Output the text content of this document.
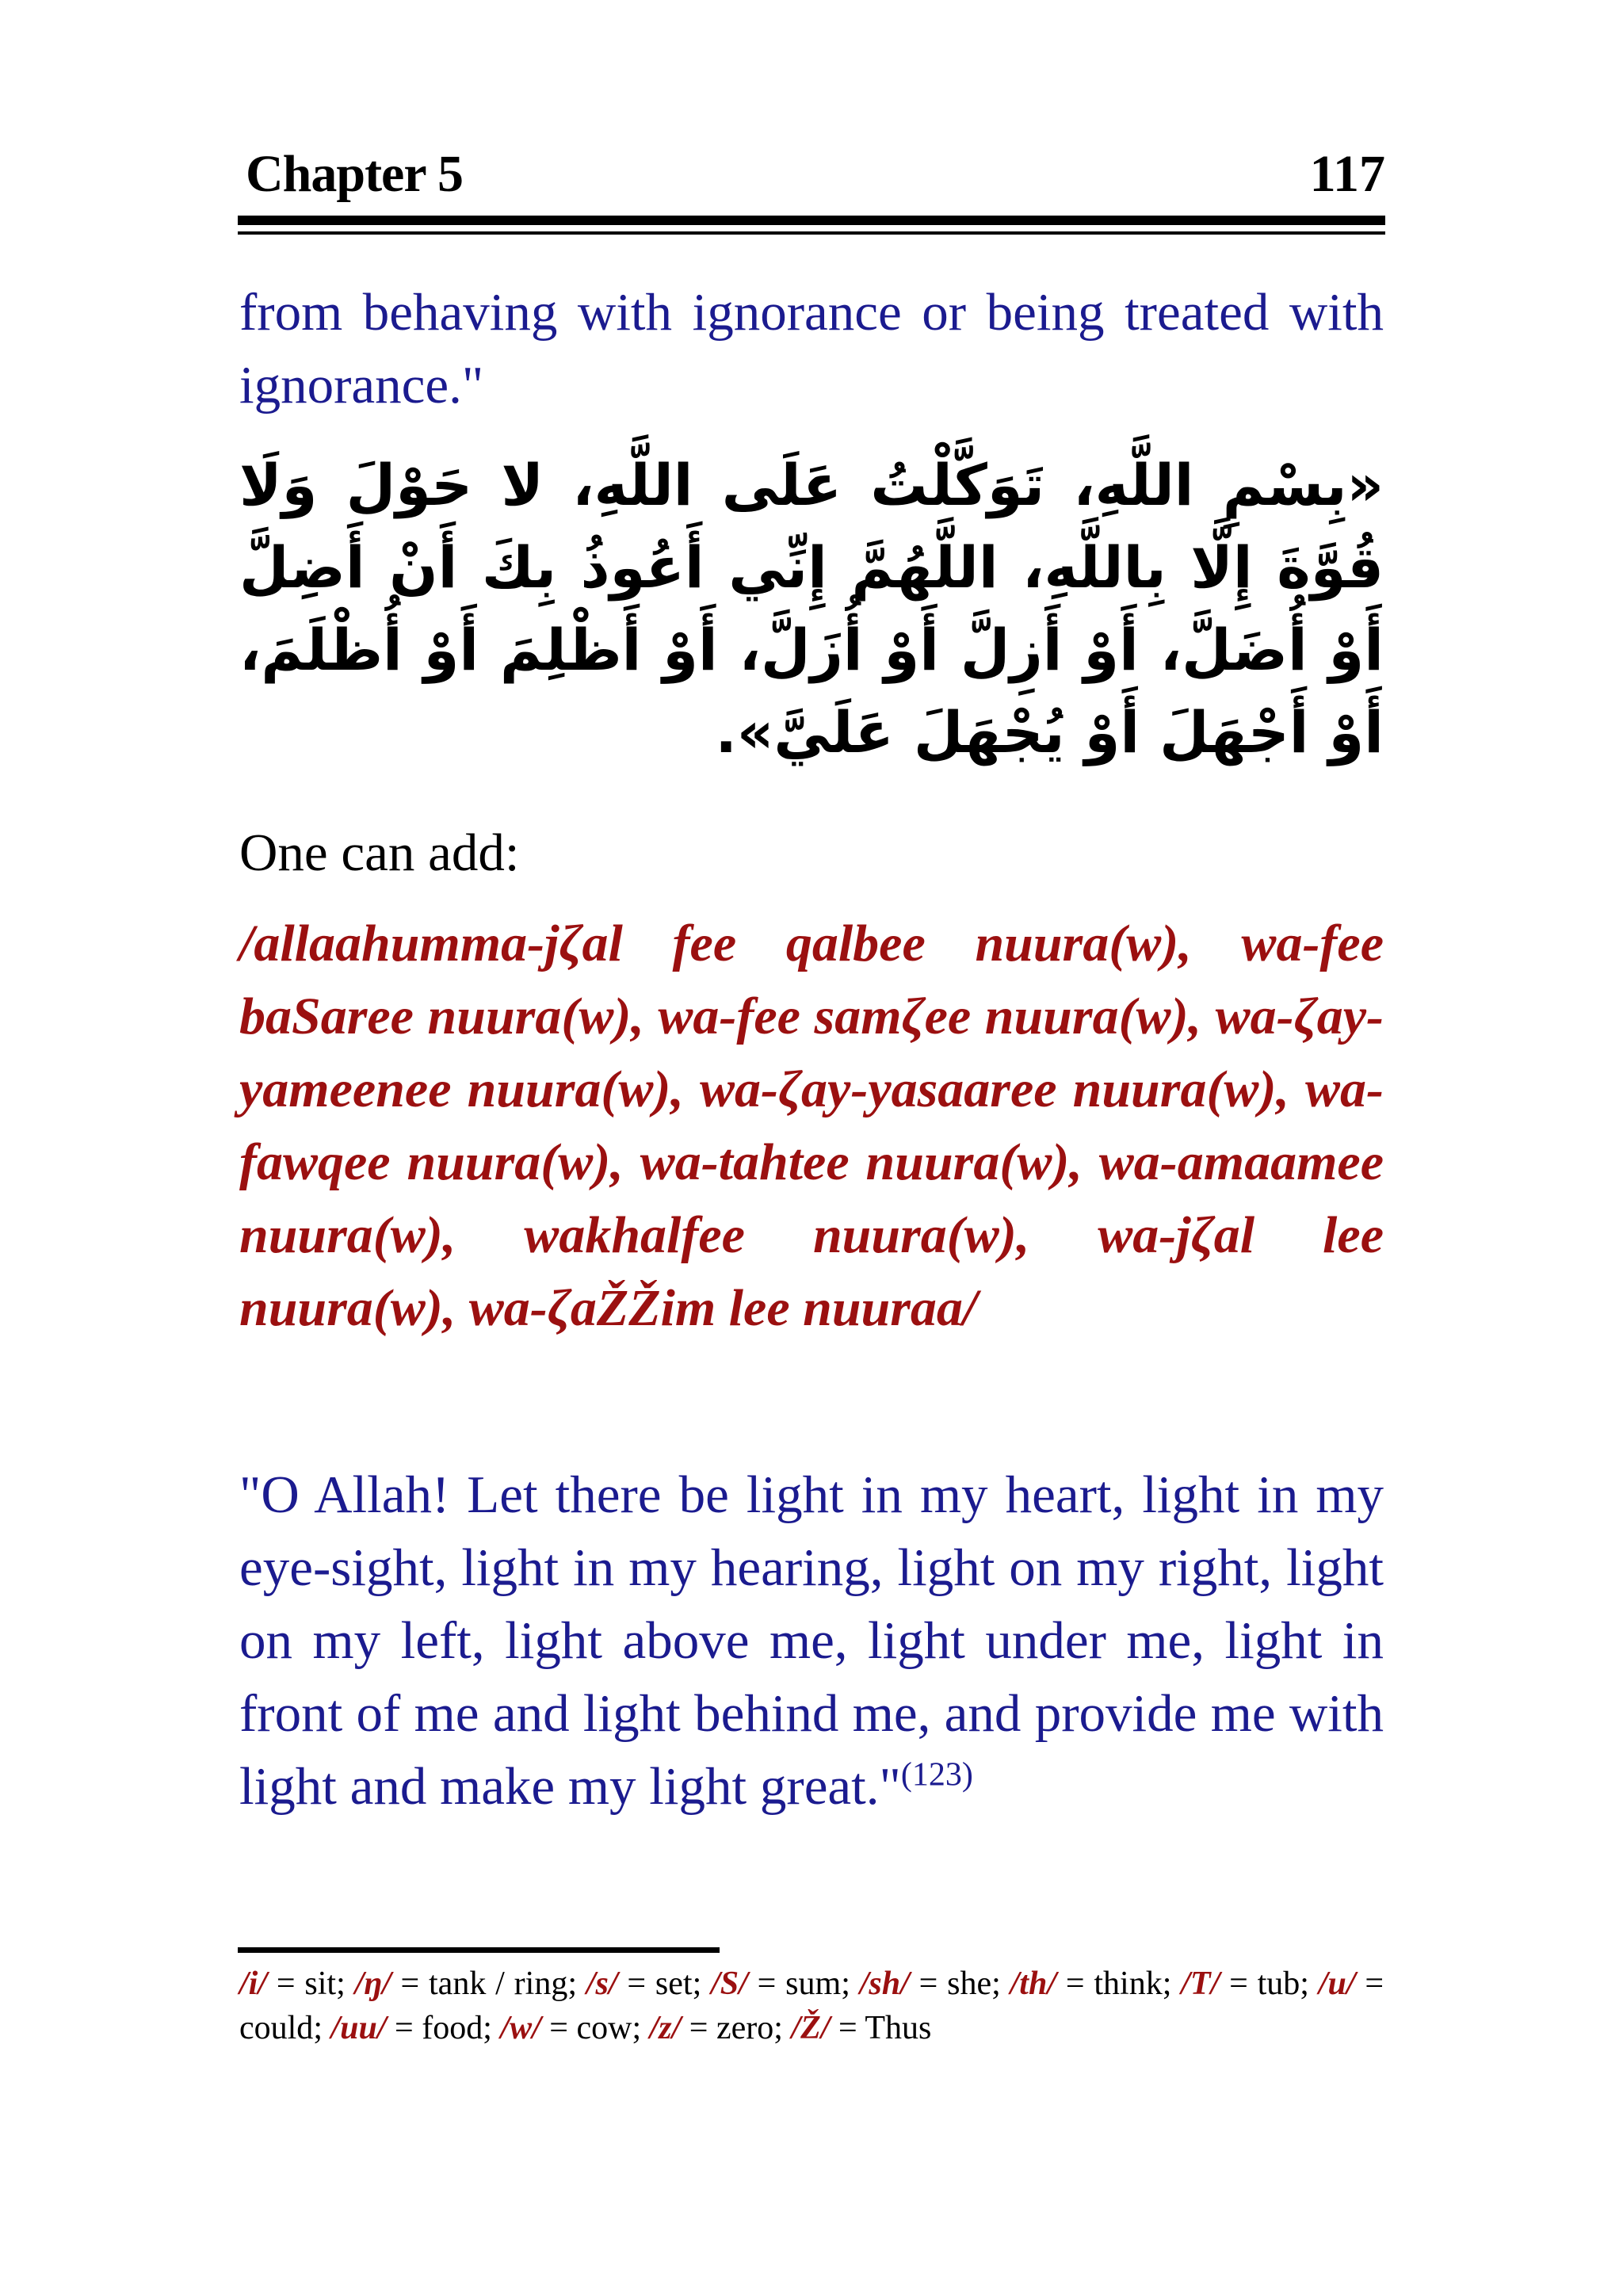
Chapter 5	117
from behaving with ignorance or being treated with ignorance."
«بِسْمِ اللَّهِ، تَوَكَّلْتُ عَلَى اللَّهِ، لا حَوْلَ وَلَا قُوَّةَ إِلَّا بِاللَّهِ، اللَّهُمَّ إِنِّي أَعُوذُ بِكَ أَنْ أَضِلَّ أَوْ أُضَلَّ، أَوْ أَزِلَّ أَوْ أُزَلَّ، أَوْ أَظْلِمَ أَوْ أُظْلَمَ، أَوْ أَجْهَلَ أَوْ يُجْهَلَ عَلَيَّ».
One can add:
/allaahumma-jζal fee qalbee nuura(w), wa-fee baSaree nuura(w), wa-fee samζee nuura(w), wa-ζay-yameenee nuura(w), wa-ζay-yasaaree nuura(w), wa-fawqee nuura(w), wa-tahtee nuura(w), wa-amaamee nuura(w), wakhalfee nuura(w), wa-jζal lee nuura(w), wa-ζaŽŽim lee nuuraa/
"O Allah! Let there be light in my heart, light in my eye-sight, light in my hearing, light on my right, light on my left, light above me, light under me, light in front of me and light behind me, and provide me with light and make my light great."$^{(123)}$
/i/ = sit; /ŋ/ = tank / ring; /s/ = set; /S/ = sum; /sh/ = she; /th/ = think; /T/ = tub; /u/ = could; /uu/ = food; /w/ = cow; /z/ = zero; /Ž/ = Thus
